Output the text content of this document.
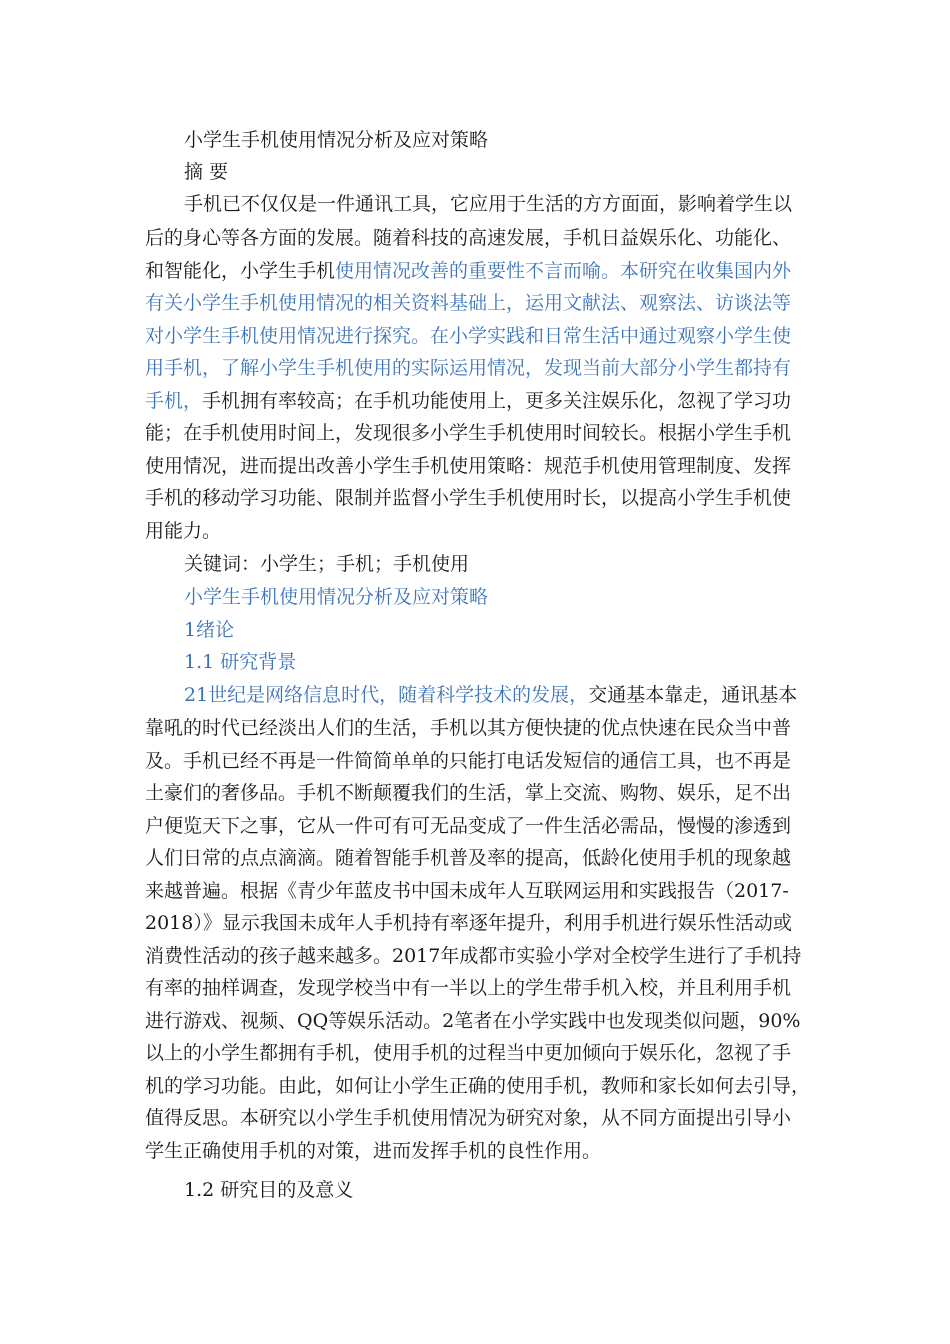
小学生手机使用情况分析及应对策略
摘 要
手机已不仅仅是一件通讯工具，它应用于生活的方方面面，影响着学生以
后的身心等各方面的发展。随着科技的高速发展，手机日益娱乐化、功能化、
和智能化，小学生手机使用情况改善的重要性不言而喻。本研究在收集国内外
有关小学生手机使用情况的相关资料基础上，运用文献法、观察法、访谈法等
对小学生手机使用情况进行探究。在小学实践和日常生活中通过观察小学生使
用手机，了解小学生手机使用的实际运用情况，发现当前大部分小学生都持有
手机，手机拥有率较高；在手机功能使用上，更多关注娱乐化，忽视了学习功
能；在手机使用时间上，发现很多小学生手机使用时间较长。根据小学生手机
使用情况，进而提出改善小学生手机使用策略：规范手机使用管理制度、发挥
手机的移动学习功能、限制并监督小学生手机使用时长，以提高小学生手机使
用能力。
关键词：小学生；手机；手机使用
小学生手机使用情况分析及应对策略
1绪论
1.1 研究背景
21世纪是网络信息时代，随着科学技术的发展，交通基本靠走，通讯基本
靠吼的时代已经淡出人们的生活，手机以其方便快捷的优点快速在民众当中普
及。手机已经不再是一件简简单单的只能打电话发短信的通信工具，也不再是
土豪们的奢侈品。手机不断颠覆我们的生活，掌上交流、购物、娱乐，足不出
户便览天下之事，它从一件可有可无品变成了一件生活必需品，慢慢的渗透到
人们日常的点点滴滴。随着智能手机普及率的提高，低龄化使用手机的现象越
来越普遍。根据《青少年蓝皮书中国未成年人互联网运用和实践报告（2017-
2018）》显示我国未成年人手机持有率逐年提升，利用手机进行娱乐性活动或
消费性活动的孩子越来越多。2017年成都市实验小学对全校学生进行了手机持
有率的抽样调查，发现学校当中有一半以上的学生带手机入校，并且利用手机
进行游戏、视频、QQ等娱乐活动。2笔者在小学实践中也发现类似问题，90%
以上的小学生都拥有手机，使用手机的过程当中更加倾向于娱乐化，忽视了手
机的学习功能。由此，如何让小学生正确的使用手机，教师和家长如何去引导，
值得反思。本研究以小学生手机使用情况为研究对象，从不同方面提出引导小
学生正确使用手机的对策，进而发挥手机的良性作用。
1.2 研究目的及意义
